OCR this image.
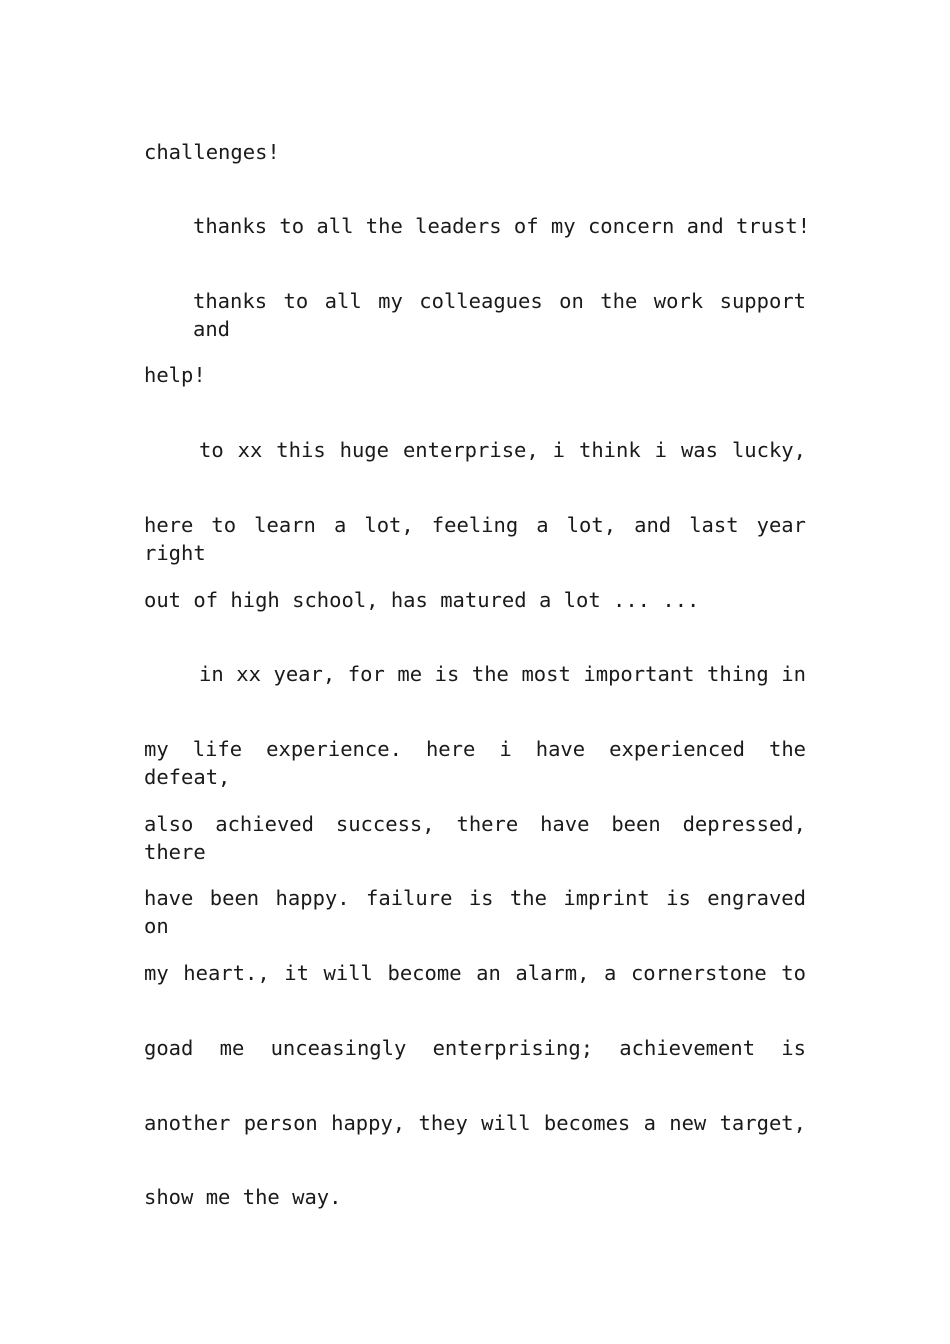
challenges!
thanks to all the leaders of my concern and trust!
thanks to all my colleagues on the work support and
help!
to xx this huge enterprise, i think i was lucky,
here to learn a lot, feeling a lot, and last year right
out of high school, has matured a lot ... ...
in xx year, for me is the most important thing in
my life experience. here i have experienced the defeat,
also achieved success, there have been depressed, there
have been happy. failure is the imprint is engraved on
my heart., it will become an alarm, a cornerstone to
goad me unceasingly enterprising; achievement is
another person happy, they will becomes a new target,
show me the way.
